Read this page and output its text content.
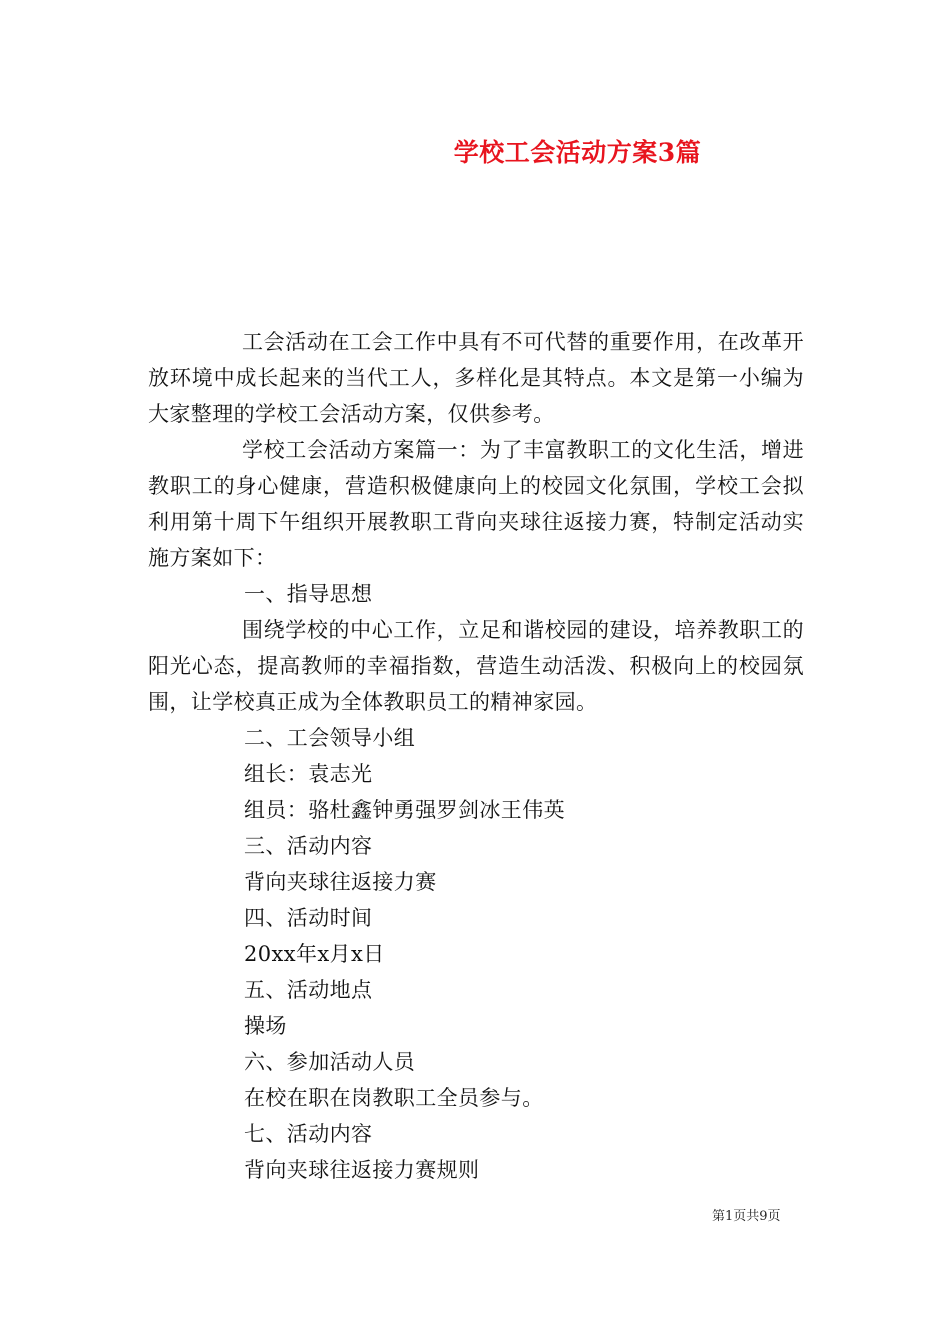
学校工会活动方案3篇

工会活动在工会工作中具有不可代替的重要作用，在改革开放环境中成长起来的当代工人，多样化是其特点。本文是第一小编为大家整理的学校工会活动方案，仅供参考。

学校工会活动方案篇一：为了丰富教职工的文化生活，增进教职工的身心健康，营造积极健康向上的校园文化氛围，学校工会拟利用第十周下午组织开展教职工背向夹球往返接力赛，特制定活动实施方案如下：

一、指导思想

围绕学校的中心工作，立足和谐校园的建设，培养教职工的阳光心态，提高教师的幸福指数，营造生动活泼、积极向上的校园氛围，让学校真正成为全体教职员工的精神家园。

二、工会领导小组

组长：袁志光

组员：骆杜鑫钟勇强罗剑冰王伟英

三、活动内容

背向夹球往返接力赛

四、活动时间

20xx年x月x日

五、活动地点

操场

六、参加活动人员

在校在职在岗教职工全员参与。

七、活动内容

背向夹球往返接力赛规则

第1页共9页
